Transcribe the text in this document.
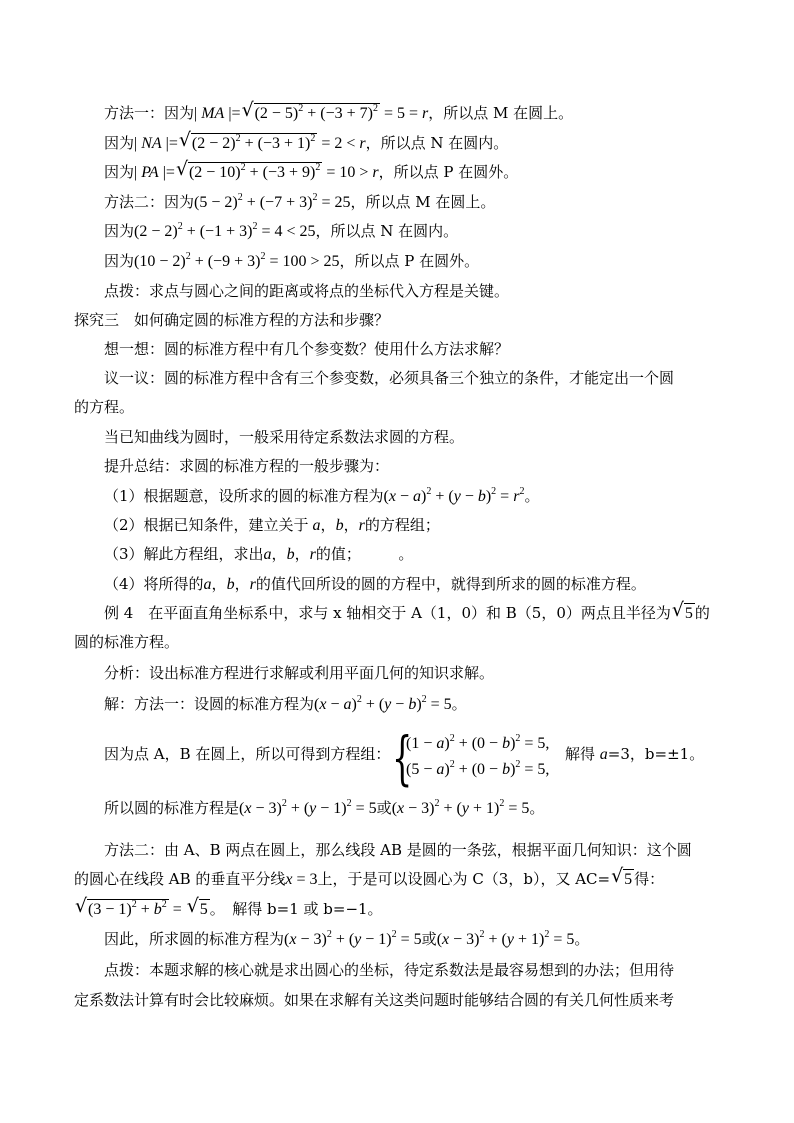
方法一：因为| MA |= √ $(2 - 5)^2 + (-3 + 7)^2 = 5 = r$，所以点 M 在圆上。
因为| NA |= √ $(2 - 2)^2 + (-3 + 1)^2 = 2 < r$，所以点 N 在圆内。
因为| PA |= √ $(2 - 10)^2 + (-3 + 9)^2 = 10 > r$，所以点 P 在圆外。
方法二：因为$(5 - 2)^2 + (-7 + 3)^2 = 25$，所以点 M 在圆上。
因为$(2 - 2)^2 + (-1 + 3)^2 = 4 < 25$，所以点 N 在圆内。
因为$(10 - 2)^2 + (-9 + 3)^2 = 100 > 25$，所以点 P 在圆外。
点拨：求点与圆心之间的距离或将点的坐标代入方程是关键。
探究三　如何确定圆的标准方程的方法和步骤？
想一想：圆的标准方程中有几个参变数？使用什么方法求解？
议一议：圆的标准方程中含有三个参变数，必须具备三个独立的条件，才能定出一个圆
的方程。
当已知曲线为圆时，一般采用待定系数法求圆的方程。
提升总结：求圆的标准方程的一般步骤为：
（1）根据题意，设所求的圆的标准方程为$(x - a)^2 + (y - b)^2 = r^2$。
（2）根据已知条件，建立关于 a，b，r的方程组；
（3）解此方程组，求出a，b，r的值；　　　。
（4）将所得的a，b，r的值代回所设的圆的方程中，就得到所求的圆的标准方程。
例 4　在平面直角坐标系中，求与 x 轴相交于 A（1，0）和 B（5，0）两点且半径为 √ 5 的
圆的标准方程。
分析：设出标准方程进行求解或利用平面几何的知识求解。
解：方法一：设圆的标准方程为$(x - a)^2 + (y - b)^2 = 5$。
因为点 A，B 在圆上，所以可得到方程组： {
$(1 - a)^2 + (0 - b)^2 = 5$,
$(5 - a)^2 + (0 - b)^2 = 5$,
解得 a=3，b=±1。
所以圆的标准方程是$(x - 3)^2 + (y - 1)^2 = 5$或$(x - 3)^2 + (y + 1)^2 = 5$。
方法二：由 A、B 两点在圆上，那么线段 AB 是圆的一条弦，根据平面几何知识：这个圆
的圆心在线段 AB 的垂直平分线x = 3上，于是可以设圆心为 C（3，b），又 AC= √ 5 得：
√ $(3 - 1)^2 + b^2$ = √ 5 。　解得 b=1 或 b=−1。
因此，所求圆的标准方程为$(x - 3)^2 + (y - 1)^2 = 5$或$(x - 3)^2 + (y + 1)^2 = 5$。
点拨：本题求解的核心就是求出圆心的坐标，待定系数法是最容易想到的办法；但用待
定系数法计算有时会比较麻烦。如果在求解有关这类问题时能够结合圆的有关几何性质来考
